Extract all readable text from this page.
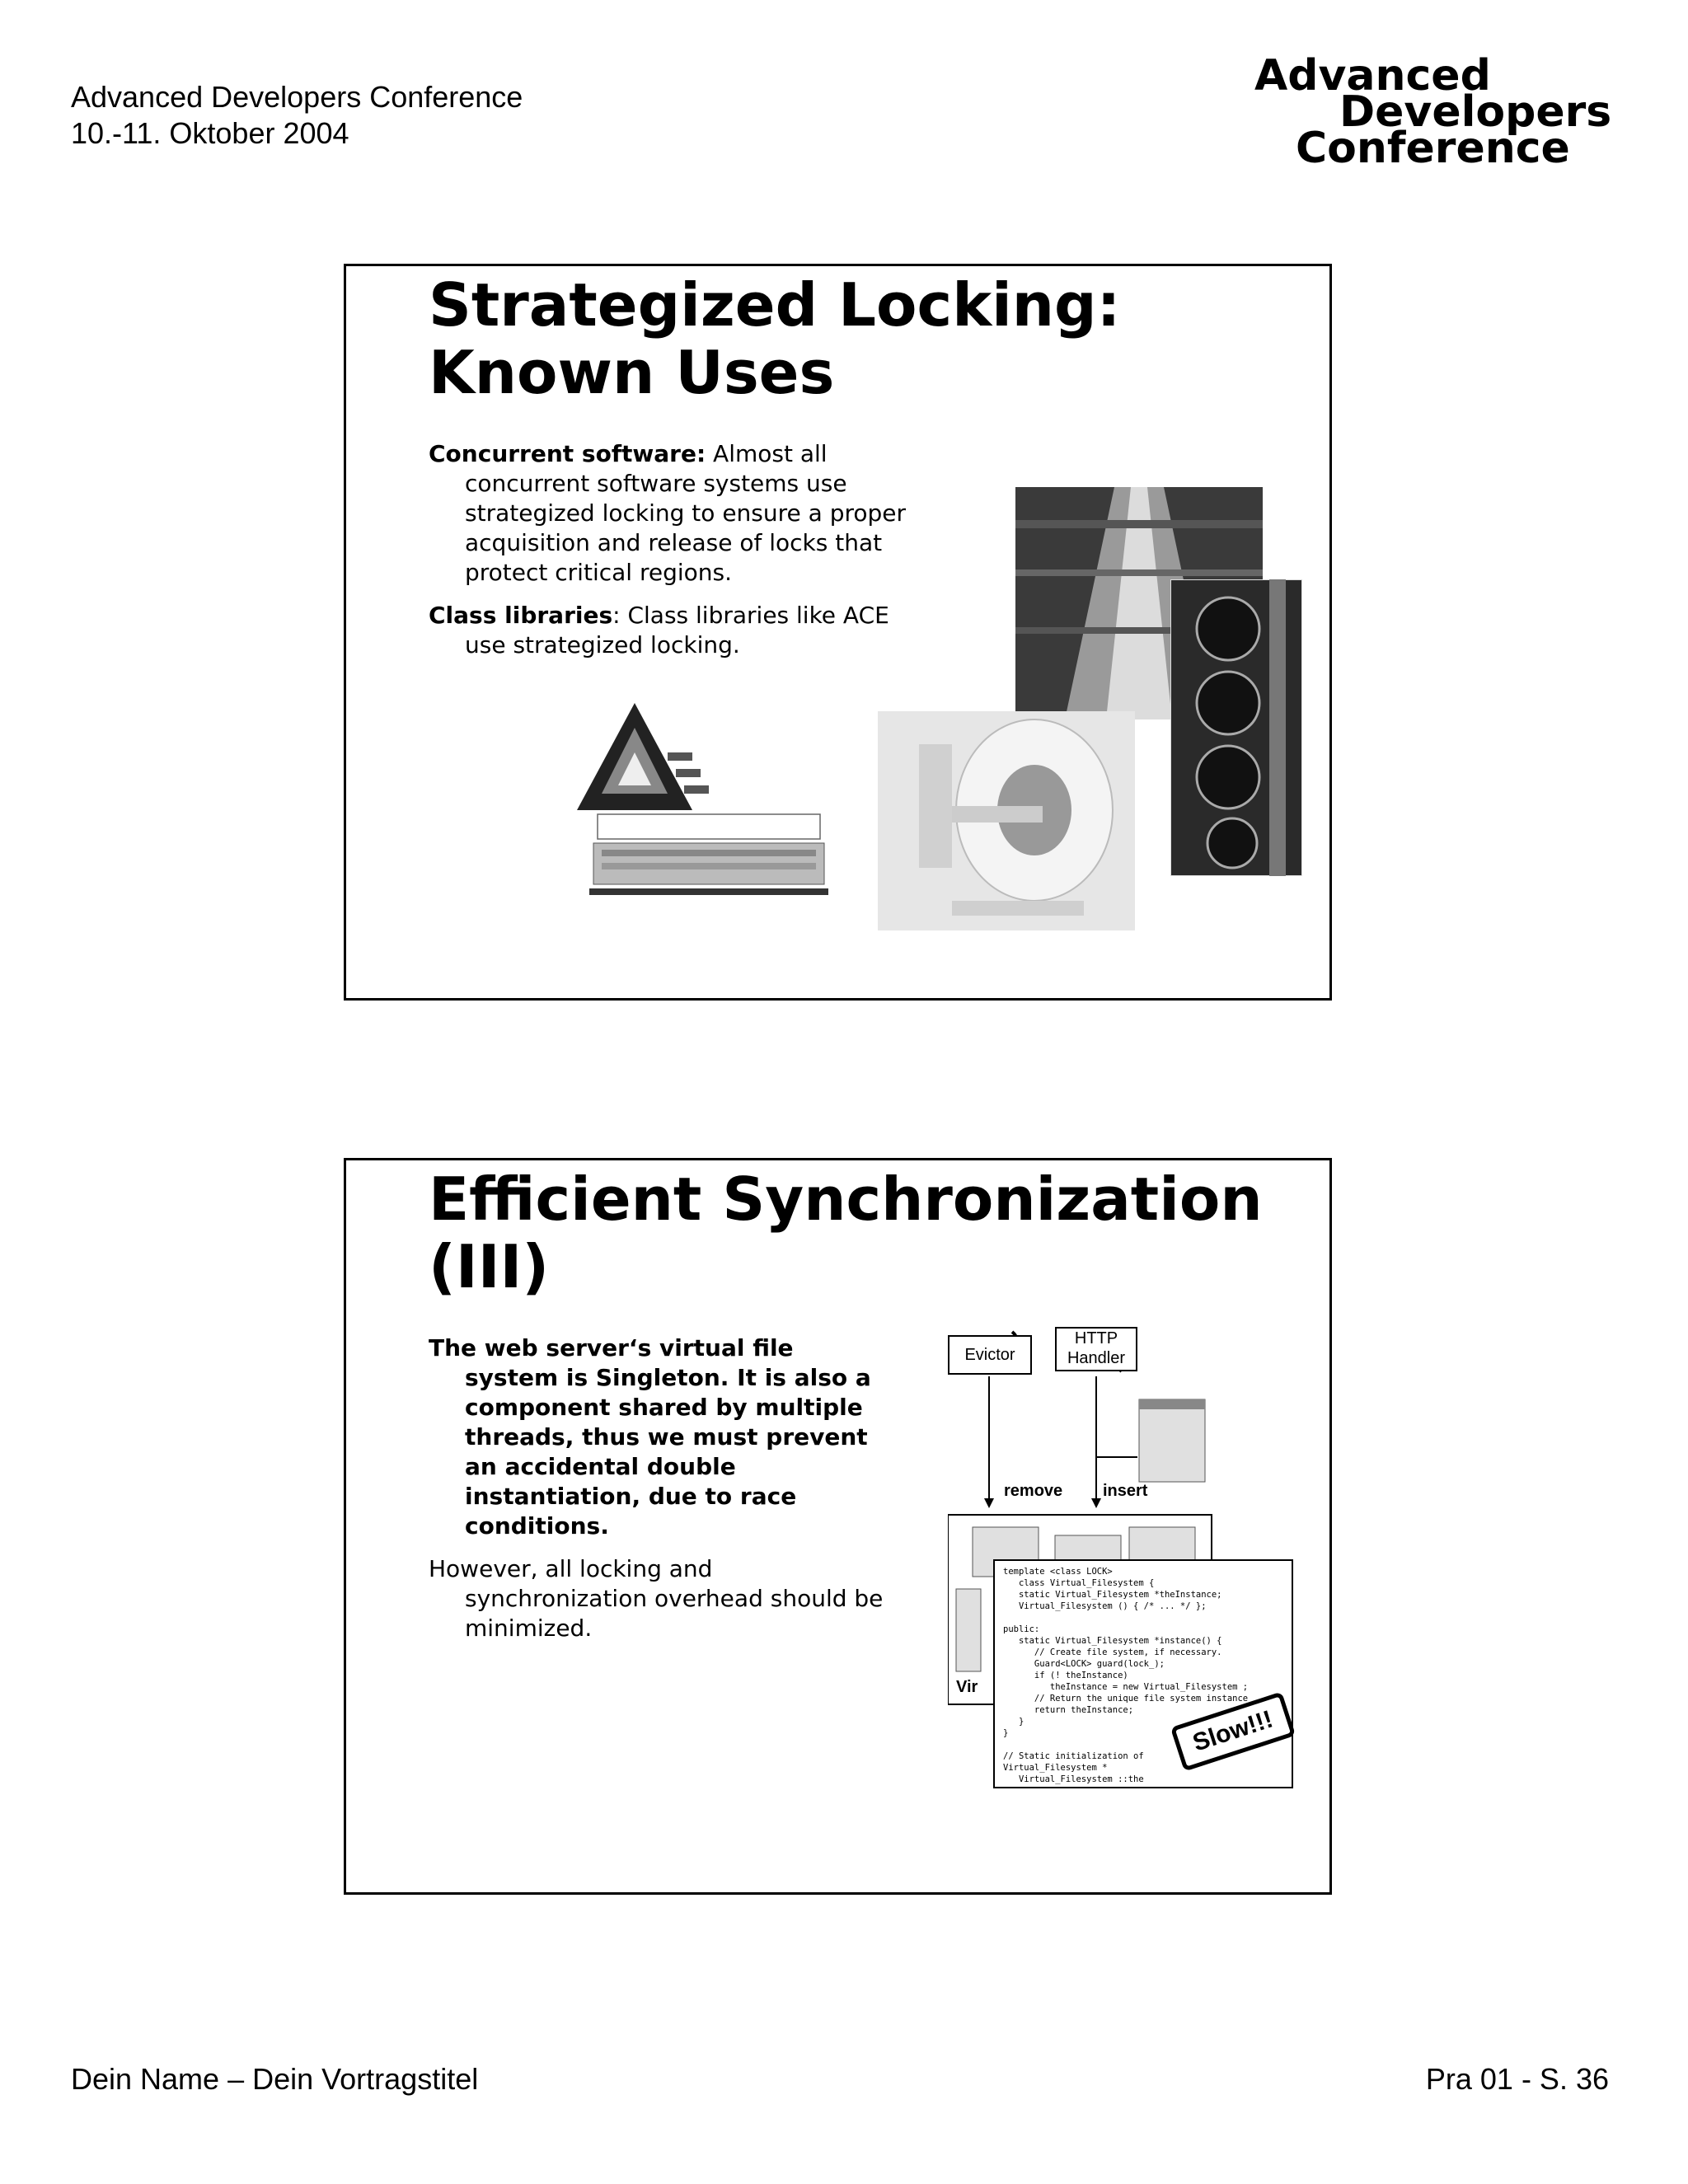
Advanced Developers Conference
10.-11. Oktober 2004
Advanced
Developers
Conference
Strategized Locking:
Known Uses
Concurrent software: Almost all concurrent software systems use strategized locking to ensure a proper acquisition and release of locks that protect critical regions.
Class libraries: Class libraries like ACE use strategized locking.
Efficient Synchronization
(III)
The web server‘s virtual file system is Singleton. It is also a component shared by multiple threads, thus we must prevent an accidental double instantiation, due to race conditions.
However, all locking and synchronization overhead should be minimized.
Evictor
HTTP Handler
remove insert
Vir
template <class LOCK>
class Virtual_Filesystem {
static Virtual_Filesystem *theInstance;
Virtual_Filesystem () { /* ... */ };

public:
static Virtual_Filesystem *instance() {
// Create file system, if necessary.
Guard<LOCK> guard(lock_);
if (! theInstance)
theInstance = new Virtual_Filesystem ;
// Return the unique file system instance
return theInstance;
}
}

// Static initialization of
Virtual_Filesystem *
Virtual_Filesystem ::the
Slow!!!
Dein Name – Dein Vortragstitel	Pra 01 - S. 36
